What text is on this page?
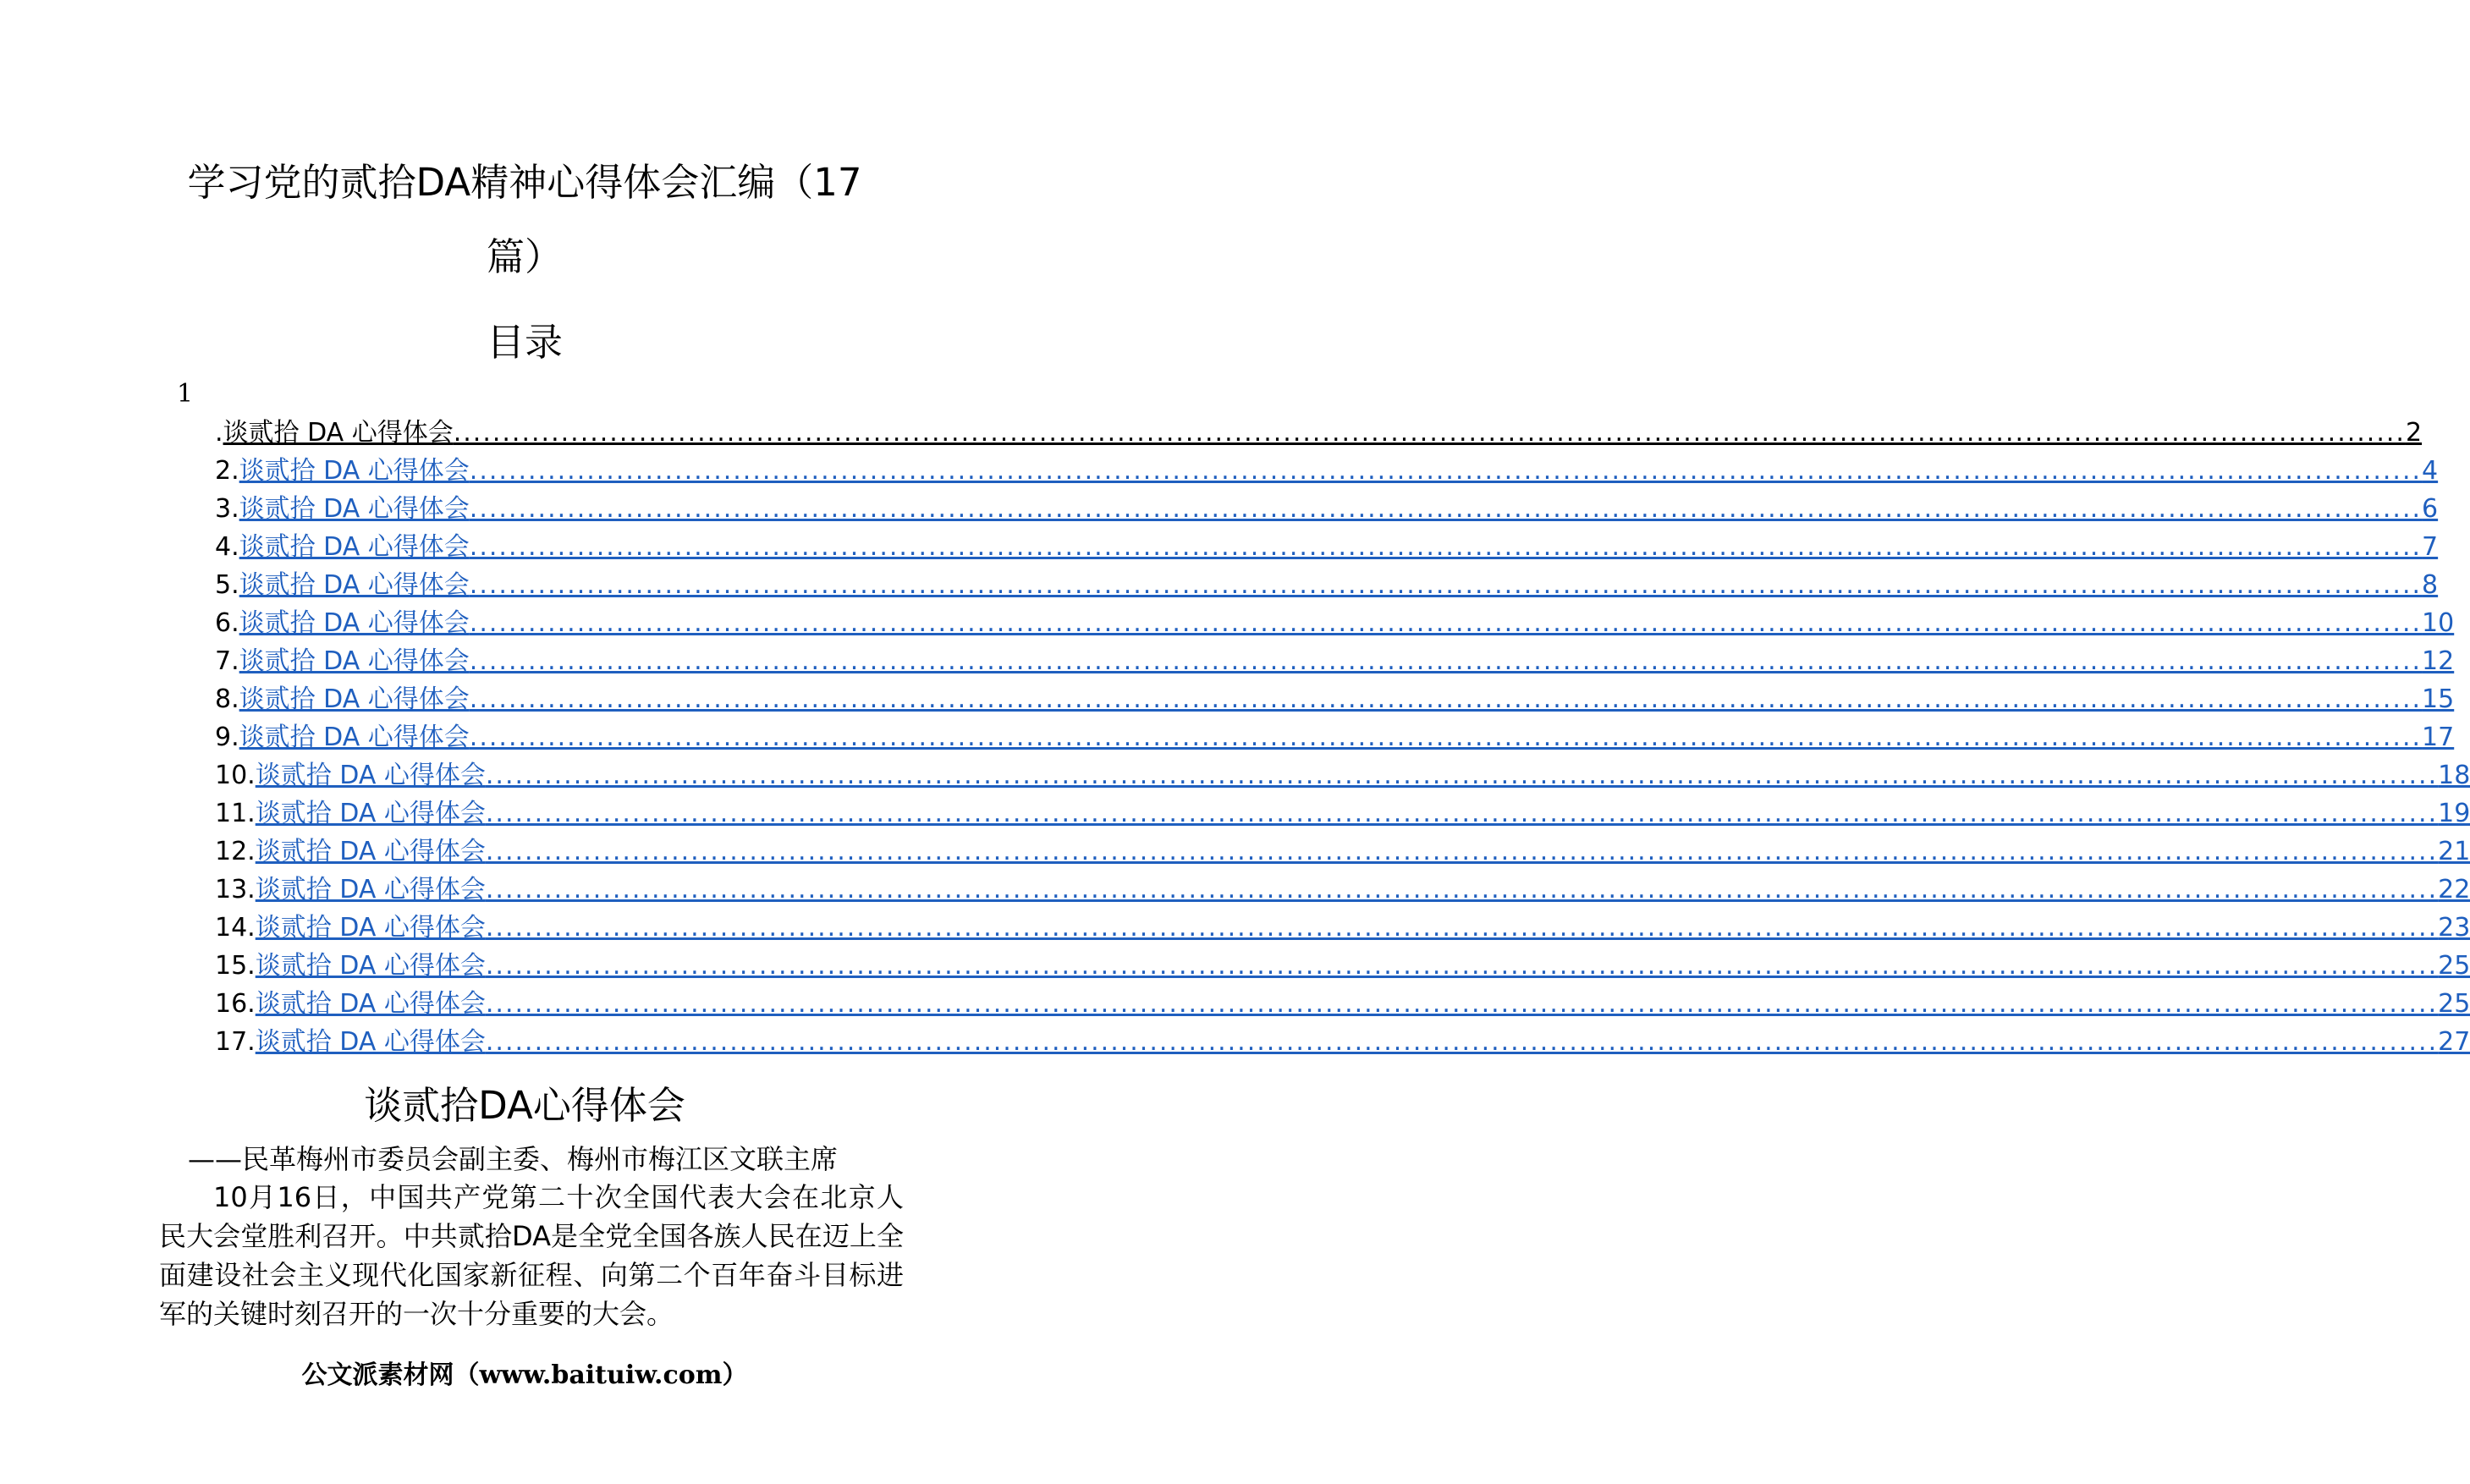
学习党的贰拾DA精神心得体会汇编（17
篇）
目录
1
. 谈贰拾 DA 心得体会 ........................................................................................................................................................................................................ 2
2. 谈贰拾 DA 心得体会 ........................................................................................................................................................................................................ 4
3. 谈贰拾 DA 心得体会 ........................................................................................................................................................................................................ 6
4. 谈贰拾 DA 心得体会 ........................................................................................................................................................................................................ 7
5. 谈贰拾 DA 心得体会 ........................................................................................................................................................................................................ 8
6. 谈贰拾 DA 心得体会 ........................................................................................................................................................................................................ 10
7. 谈贰拾 DA 心得体会 ........................................................................................................................................................................................................ 12
8. 谈贰拾 DA 心得体会 ........................................................................................................................................................................................................ 15
9. 谈贰拾 DA 心得体会 ........................................................................................................................................................................................................ 17
10. 谈贰拾 DA 心得体会 ........................................................................................................................................................................................................ 18
11. 谈贰拾 DA 心得体会 ........................................................................................................................................................................................................ 19
12. 谈贰拾 DA 心得体会 ........................................................................................................................................................................................................ 21
13. 谈贰拾 DA 心得体会 ........................................................................................................................................................................................................ 22
14. 谈贰拾 DA 心得体会 ........................................................................................................................................................................................................ 23
15. 谈贰拾 DA 心得体会 ........................................................................................................................................................................................................ 25
16. 谈贰拾 DA 心得体会 ........................................................................................................................................................................................................ 25
17. 谈贰拾 DA 心得体会 ........................................................................................................................................................................................................ 27
谈贰拾DA心得体会
——民革梅州市委员会副主委、梅州市梅江区文联主席

10月16日，中国共产党第二十次全国代表大会在北京人民大会堂胜利召开。中共贰拾DA是全党全国各族人民在迈上全面建设社会主义现代化国家新征程、向第二个百年奋斗目标进军的关键时刻召开的一次十分重要的大会。

公文派素材网（www.baituiw.com）
